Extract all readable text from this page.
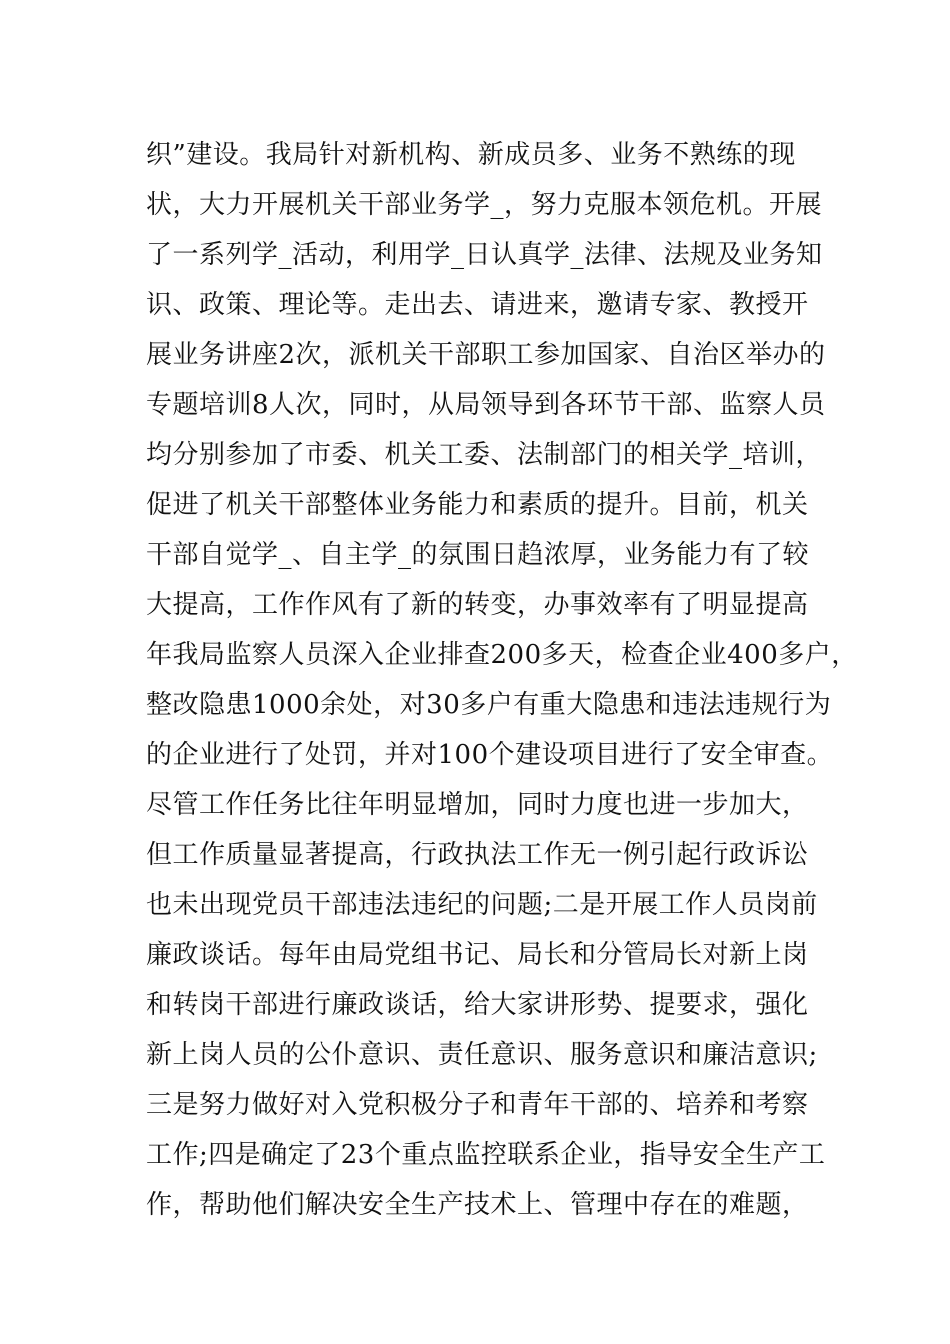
织”建设。我局针对新机构、新成员多、业务不熟练的现
状，大力开展机关干部业务学_，努力克服本领危机。开展
了一系列学_活动，利用学_日认真学_法律、法规及业务知
识、政策、理论等。走出去、请进来，邀请专家、教授开
展业务讲座2次，派机关干部职工参加国家、自治区举办的
专题培训8人次，同时，从局领导到各环节干部、监察人员
均分别参加了市委、机关工委、法制部门的相关学_培训，
促进了机关干部整体业务能力和素质的提升。目前，机关
干部自觉学_、自主学_的氛围日趋浓厚，业务能力有了较
大提高，工作作风有了新的转变，办事效率有了明显提高
年我局监察人员深入企业排查200多天，检查企业400多户，
整改隐患1000余处，对30多户有重大隐患和违法违规行为
的企业进行了处罚，并对100个建设项目进行了安全审查。
尽管工作任务比往年明显增加，同时力度也进一步加大，
但工作质量显著提高，行政执法工作无一例引起行政诉讼
也未出现党员干部违法违纪的问题;二是开展工作人员岗前
廉政谈话。每年由局党组书记、局长和分管局长对新上岗
和转岗干部进行廉政谈话，给大家讲形势、提要求，强化
新上岗人员的公仆意识、责任意识、服务意识和廉洁意识;
三是努力做好对入党积极分子和青年干部的、培养和考察
工作;四是确定了23个重点监控联系企业，指导安全生产工
作，帮助他们解决安全生产技术上、管理中存在的难题，
